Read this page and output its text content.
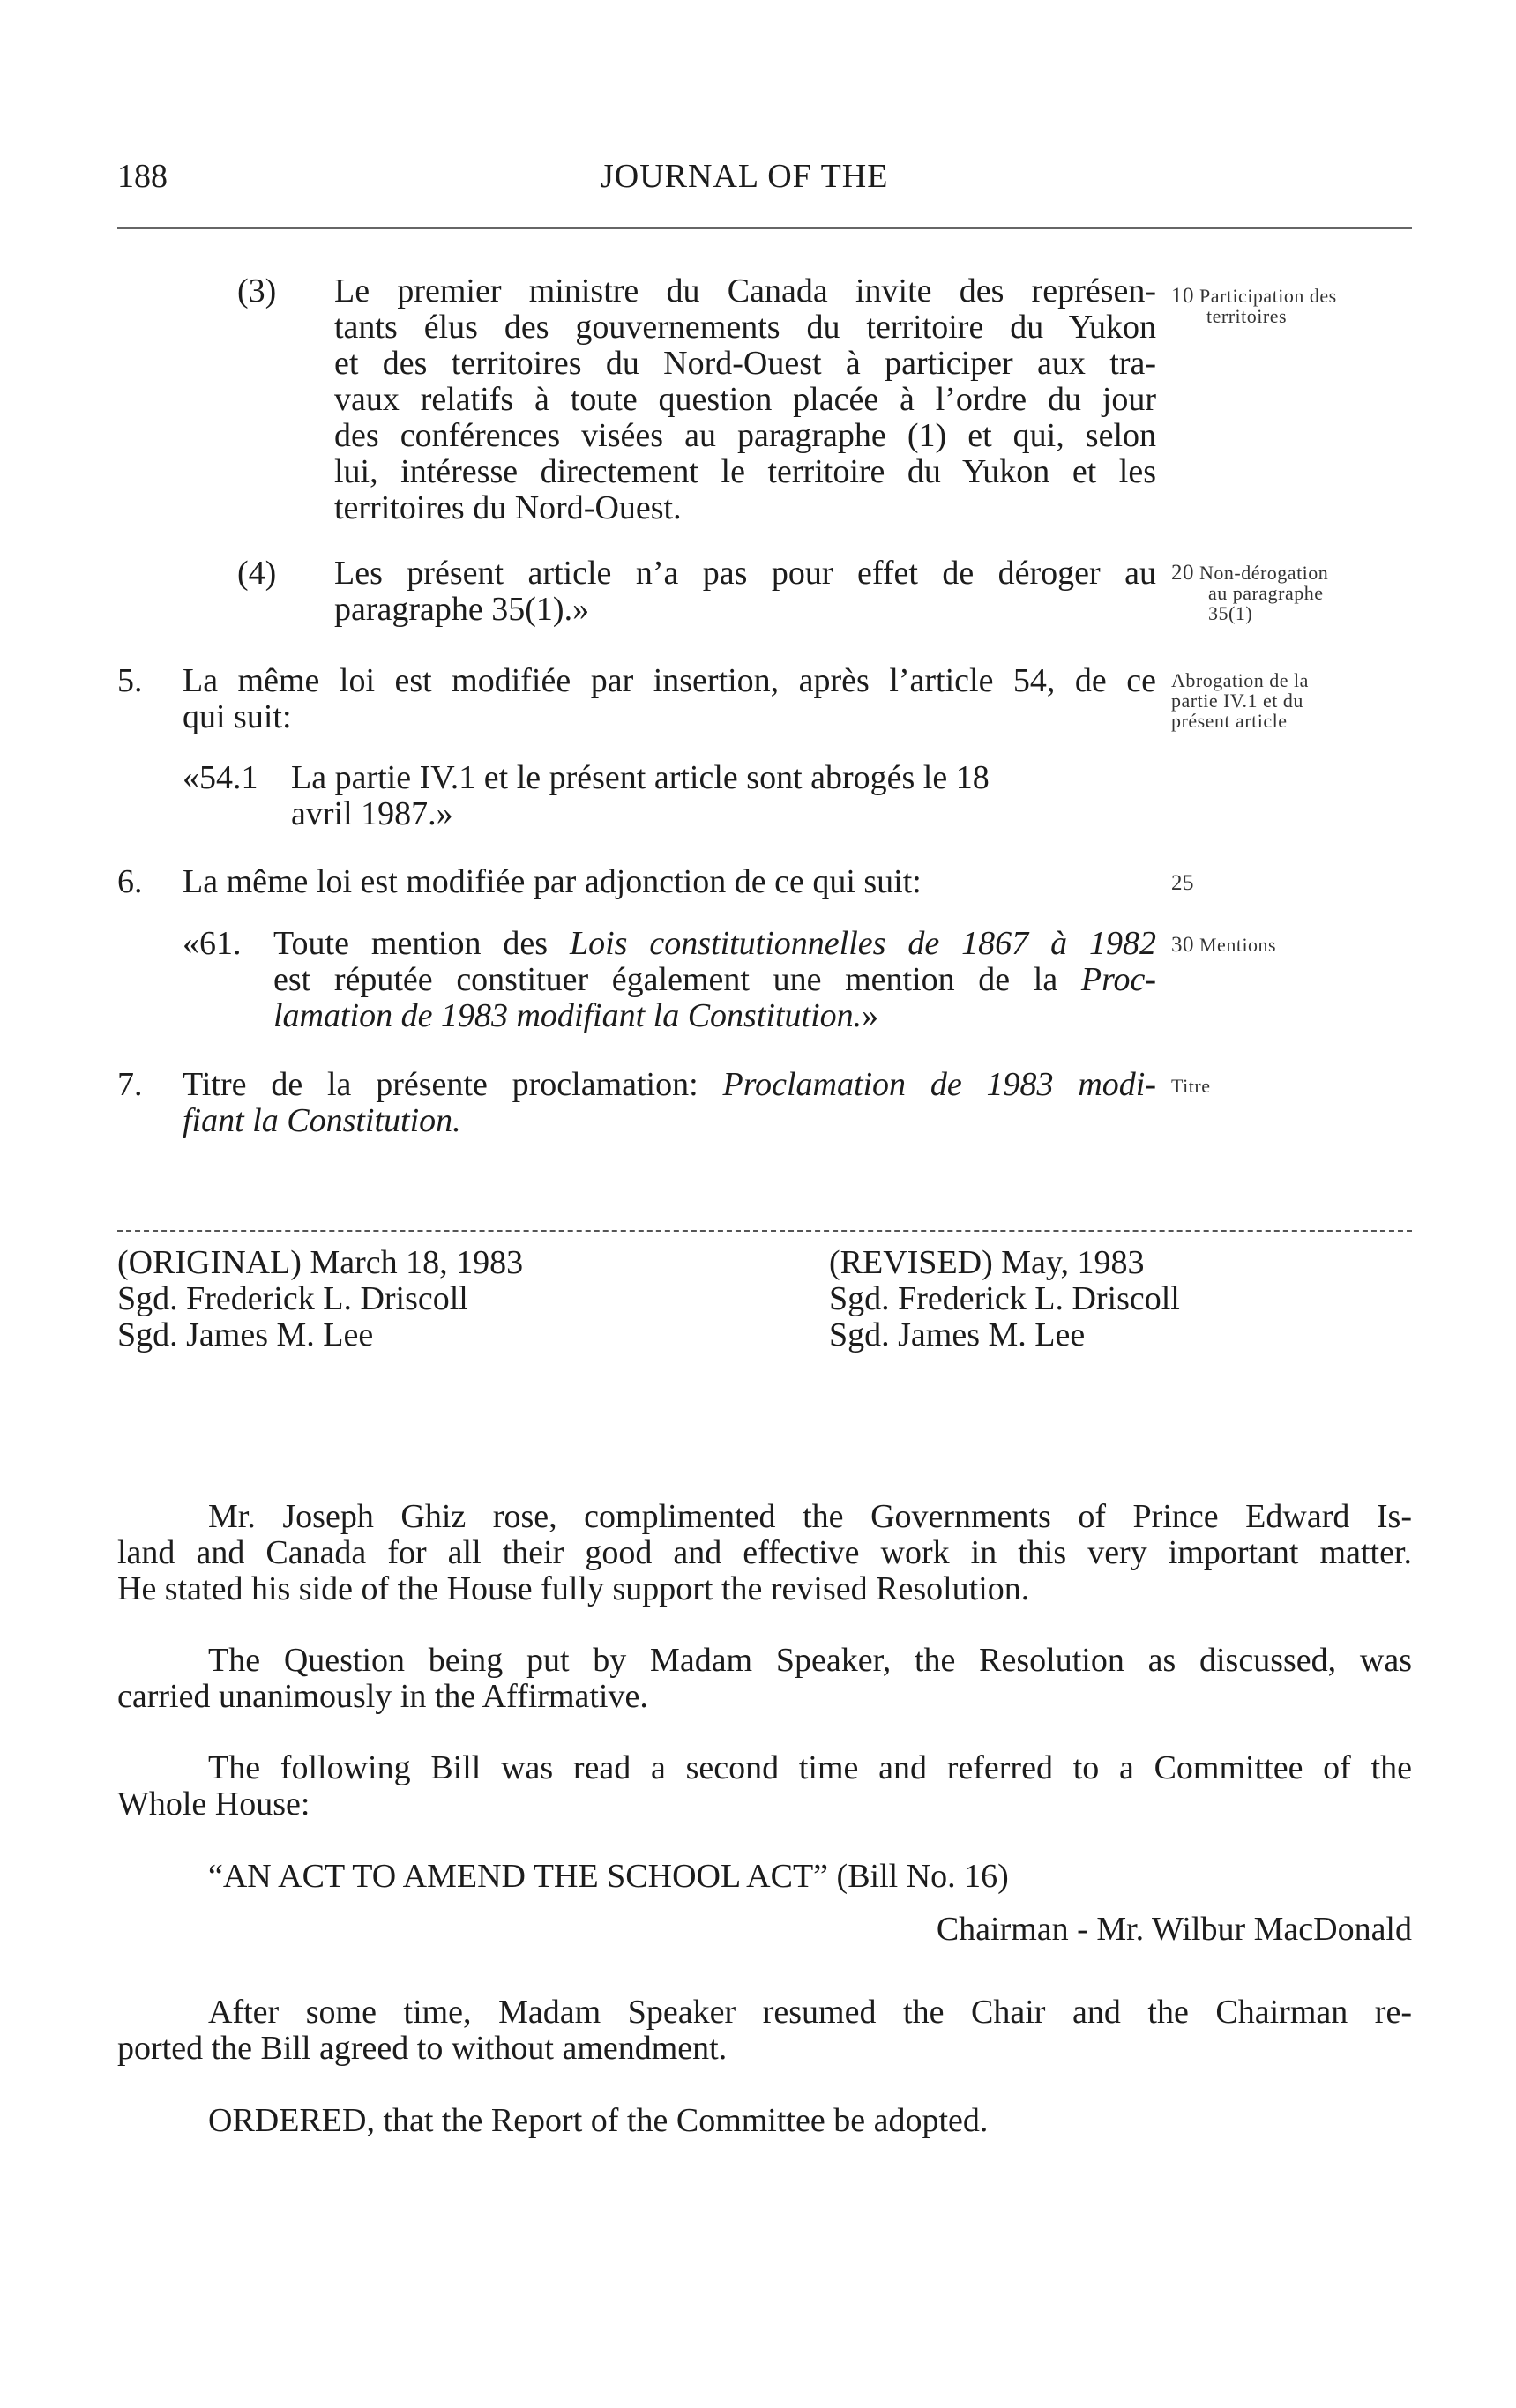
188	JOURNAL OF THE
(3) Le premier ministre du Canada invite des représen-
tants élus des gouvernements du territoire du Yukon
et des territoires du Nord-Ouest à participer aux tra-
vaux relatifs à toute question placée à l’ordre du jour
des conférences visées au paragraphe (1) et qui, selon
lui, intéresse directement le territoire du Yukon et les
territoires du Nord-Ouest.
(4) Les présent article n’a pas pour effet de déroger au
paragraphe 35(1).»
5. La même loi est modifiée par insertion, après l’article 54, de ce
qui suit:
«54.1 La partie IV.1 et le présent article sont abrogés le 18
avril 1987.»
6. La même loi est modifiée par adjonction de ce qui suit:
«61. Toute mention des Lois constitutionnelles de 1867 à 1982
est réputée constituer également une mention de la Proc-
lamation de 1983 modifiant la Constitution.»
7. Titre de la présente proclamation: Proclamation de 1983 modi-
fiant la Constitution.
10 Participation des
territoires
20 Non-dérogation
au paragraphe
35(1)
Abrogation de la
partie IV.1 et du
présent article
25
30 Mentions
Titre
(ORIGINAL) March 18, 1983
Sgd. Frederick L. Driscoll
Sgd. James M. Lee
(REVISED) May, 1983
Sgd. Frederick L. Driscoll
Sgd. James M. Lee
Mr. Joseph Ghiz rose, complimented the Governments of Prince Edward Is-
land and Canada for all their good and effective work in this very important matter.
He stated his side of the House fully support the revised Resolution.
The Question being put by Madam Speaker, the Resolution as discussed, was
carried unanimously in the Affirmative.
The following Bill was read a second time and referred to a Committee of the
Whole House:
“AN ACT TO AMEND THE SCHOOL ACT” (Bill No. 16)
Chairman - Mr. Wilbur MacDonald
After some time, Madam Speaker resumed the Chair and the Chairman re-
ported the Bill agreed to without amendment.
ORDERED, that the Report of the Committee be adopted.
